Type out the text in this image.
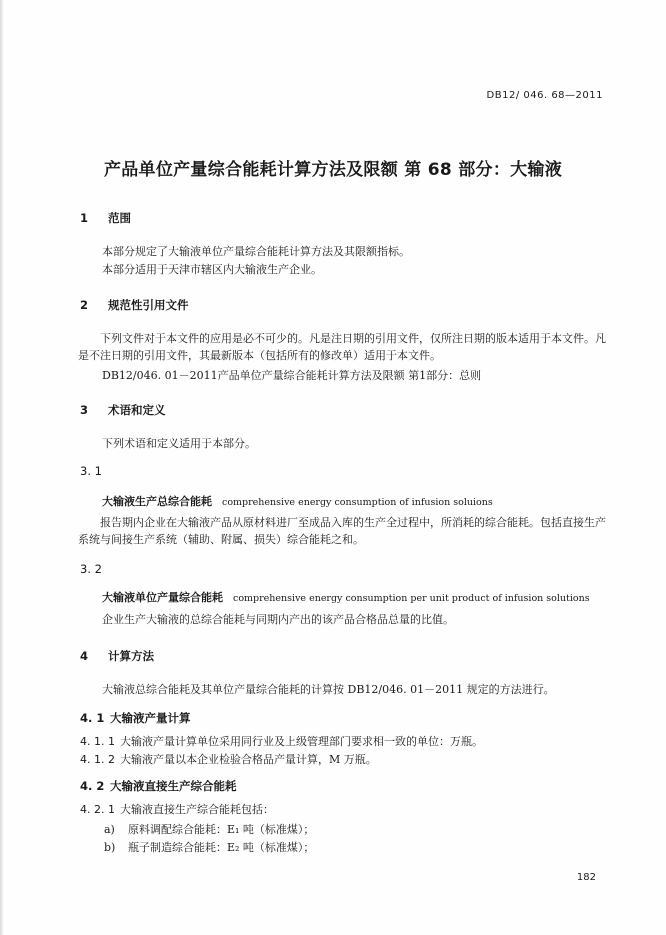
DB12/ 046. 68—2011
产品单位产量综合能耗计算方法及限额 第 68 部分：大输液
1 范围
本部分规定了大输液单位产量综合能耗计算方法及其限额指标。
本部分适用于天津市辖区内大输液生产企业。
2 规范性引用文件
下列文件对于本文件的应用是必不可少的。凡是注日期的引用文件，仅所注日期的版本适用于本文件。凡是不注日期的引用文件，其最新版本（包括所有的修改单）适用于本文件。
DB12/046. 01－2011产品单位产量综合能耗计算方法及限额 第1部分：总则
3 术语和定义
下列术语和定义适用于本部分。
3. 1
大输液生产总综合能耗 comprehensive energy consumption of infusion soluions
报告期内企业在大输液产品从原材料进厂至成品入库的生产全过程中，所消耗的综合能耗。包括直接生产系统与间接生产系统（辅助、附属、损失）综合能耗之和。
3. 2
大输液单位产量综合能耗 comprehensive energy consumption per unit product of infusion solutions
企业生产大输液的总综合能耗与同期内产出的该产品合格品总量的比值。
4 计算方法
大输液总综合能耗及其单位产量综合能耗的计算按 DB12/046. 01－2011 规定的方法进行。
4. 1 大输液产量计算
4. 1. 1 大输液产量计算单位采用同行业及上级管理部门要求相一致的单位：万瓶。
4. 1. 2 大输液产量以本企业检验合格品产量计算，M 万瓶。
4. 2 大输液直接生产综合能耗
4. 2. 1 大输液直接生产综合能耗包括：
a) 原料调配综合能耗：E₁ 吨（标准煤）；
b) 瓶子制造综合能耗：E₂ 吨（标准煤）；
182
